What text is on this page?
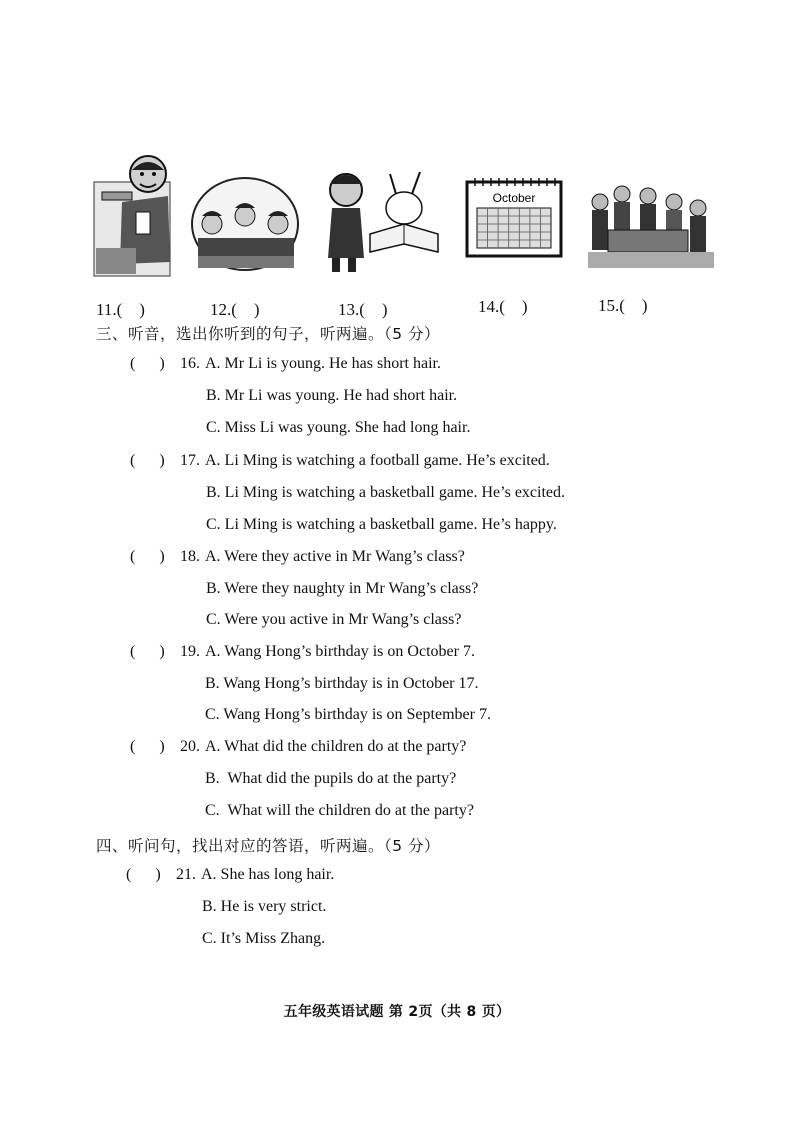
October
11.(    )	12.(    )	13.(    )	14.(    )	15.(    )
三、听音，选出你听到的句子，听两遍。（5 分）
(      ) 16. A. Mr Li is young. He has short hair.
B. Mr Li was young. He had short hair.
C. Miss Li was young. She had long hair.
(      ) 17. A. Li Ming is watching a football game. He’s excited.
B. Li Ming is watching a basketball game. He’s excited.
C. Li Ming is watching a basketball game. He’s happy.
(      ) 18. A. Were they active in Mr Wang’s class?
B. Were they naughty in Mr Wang’s class?
C. Were you active in Mr Wang’s class?
(      ) 19. A. Wang Hong’s birthday is on October 7.
B. Wang Hong’s birthday is in October 17.
C. Wang Hong’s birthday is on September 7.
(      ) 20. A. What did the children do at the party?
B.  What did the pupils do at the party?
C.  What will the children do at the party?
四、听问句，找出对应的答语，听两遍。（5 分）
(      ) 21. A. She has long hair.
B. He is very strict.
C. It’s Miss Zhang.
五年级英语试题 第 2页（共 8 页）
